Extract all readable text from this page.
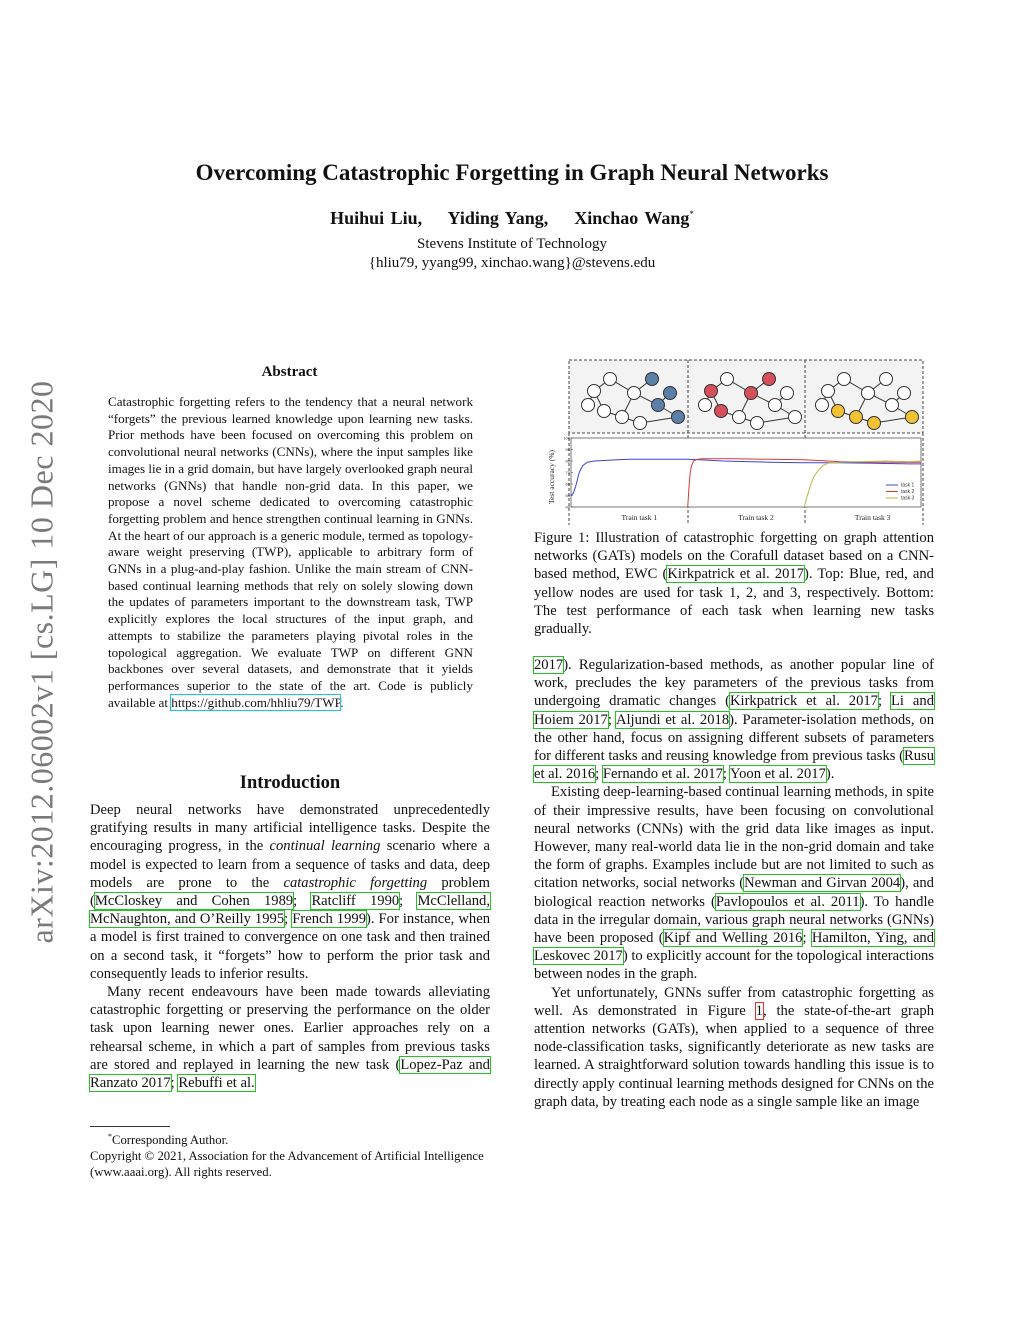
Overcoming Catastrophic Forgetting in Graph Neural Networks
Huihui Liu, Yiding Yang, Xinchao Wang*
Stevens Institute of Technology
{hliu79, yyang99, xinchao.wang}@stevens.edu
arXiv:2012.06002v1 [cs.LG] 10 Dec 2020
Abstract
Catastrophic forgetting refers to the tendency that a neural network “forgets” the previous learned knowledge upon learning new tasks. Prior methods have been focused on overcoming this problem on convolutional neural networks (CNNs), where the input samples like images lie in a grid domain, but have largely overlooked graph neural networks (GNNs) that handle non-grid data. In this paper, we propose a novel scheme dedicated to overcoming catastrophic forgetting problem and hence strengthen continual learning in GNNs. At the heart of our approach is a generic module, termed as topology-aware weight preserving (TWP), applicable to arbitrary form of GNNs in a plug-and-play fashion. Unlike the main stream of CNN-based continual learning methods that rely on solely slowing down the updates of parameters important to the downstream task, TWP explicitly explores the local structures of the input graph, and attempts to stabilize the parameters playing pivotal roles in the topological aggregation. We evaluate TWP on different GNN backbones over several datasets, and demonstrate that it yields performances superior to the state of the art. Code is publicly available at https://github.com/hhliu79/TWP.
Introduction

Deep neural networks have demonstrated unprecedentedly gratifying results in many artificial intelligence tasks. Despite the encouraging progress, in the continual learning scenario where a model is expected to learn from a sequence of tasks and data, deep models are prone to the catastrophic forgetting problem (McCloskey and Cohen 1989; Ratcliff 1990; McClelland, McNaughton, and O’Reilly 1995; French 1999). For instance, when a model is first trained to convergence on one task and then trained on a second task, it “forgets” how to perform the prior task and consequently leads to inferior results.

Many recent endeavours have been made towards alleviating catastrophic forgetting or preserving the performance on the older task upon learning newer ones. Earlier approaches rely on a rehearsal scheme, in which a part of samples from previous tasks are stored and replayed in learning the new task (Lopez-Paz and Ranzato 2017; Rebuffi et al.

*Corresponding Author.
Copyright © 2021, Association for the Advancement of Artificial Intelligence (www.aaai.org). All rights reserved.
40
50
60
70
80
90
100
Train task 1	Train task 2	Train task 3
task 1
task 2
task 3
Test accuracy (%)
Figure 1: Illustration of catastrophic forgetting on graph attention networks (GATs) models on the Corafull dataset based on a CNN-based method, EWC (Kirkpatrick et al. 2017). Top: Blue, red, and yellow nodes are used for task 1, 2, and 3, respectively. Bottom: The test performance of each task when learning new tasks gradually.

2017). Regularization-based methods, as another popular line of work, precludes the key parameters of the previous tasks from undergoing dramatic changes (Kirkpatrick et al. 2017; Li and Hoiem 2017; Aljundi et al. 2018). Parameter-isolation methods, on the other hand, focus on assigning different subsets of parameters for different tasks and reusing knowledge from previous tasks (Rusu et al. 2016; Fernando et al. 2017; Yoon et al. 2017).

Existing deep-learning-based continual learning methods, in spite of their impressive results, have been focusing on convolutional neural networks (CNNs) with the grid data like images as input. However, many real-world data lie in the non-grid domain and take the form of graphs. Examples include but are not limited to such as citation networks, social networks (Newman and Girvan 2004), and biological reaction networks (Pavlopoulos et al. 2011). To handle data in the irregular domain, various graph neural networks (GNNs) have been proposed (Kipf and Welling 2016; Hamilton, Ying, and Leskovec 2017) to explicitly account for the topological interactions between nodes in the graph.

Yet unfortunately, GNNs suffer from catastrophic forgetting as well. As demonstrated in Figure 1, the state-of-the-art graph attention networks (GATs), when applied to a sequence of three node-classification tasks, significantly deteriorate as new tasks are learned. A straightforward solution towards handling this issue is to directly apply continual learning methods designed for CNNs on the graph data, by treating each node as a single sample like an image
